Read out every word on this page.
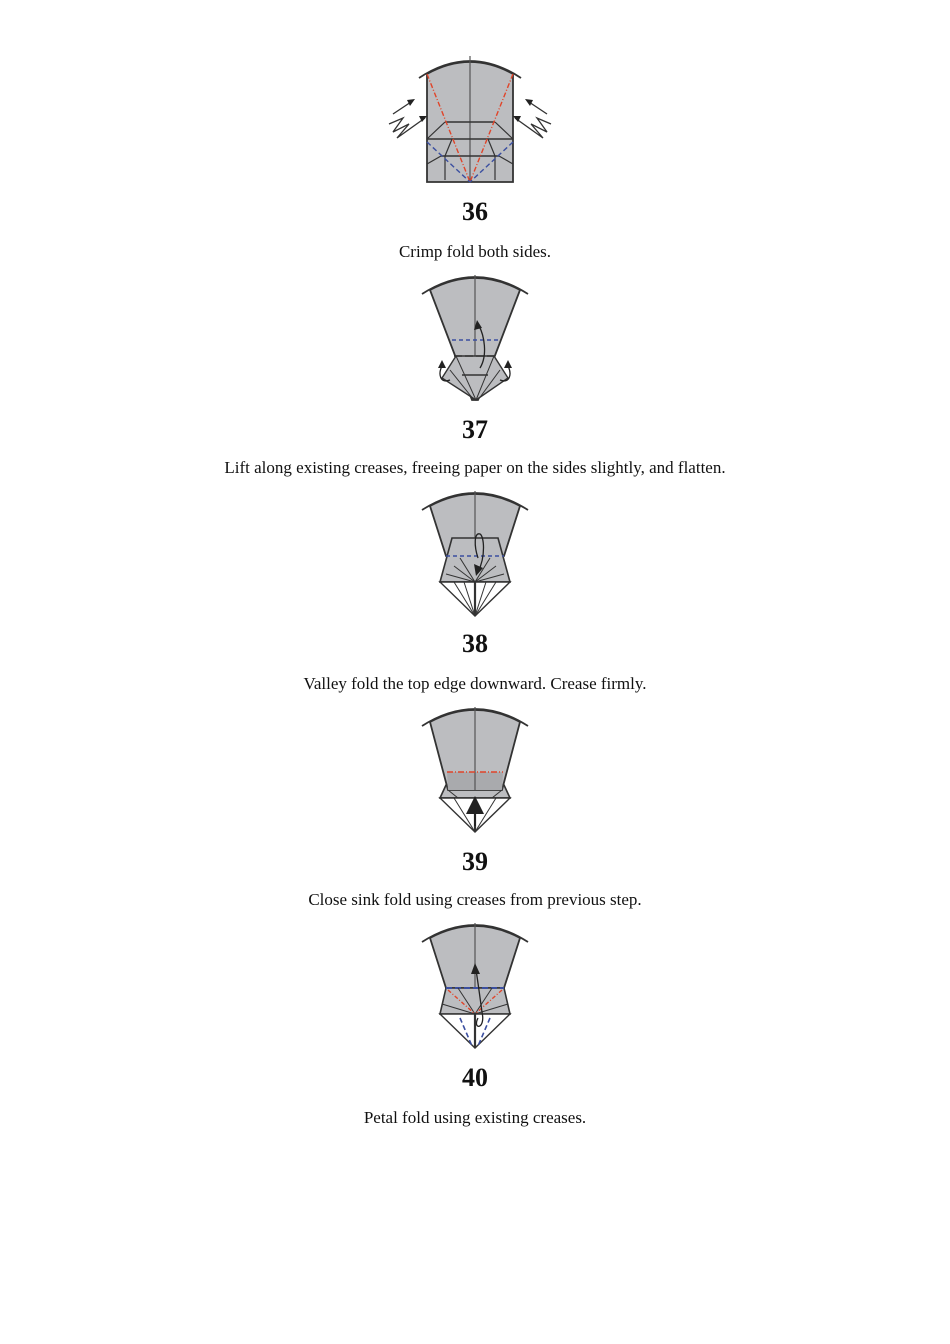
36
Crimp fold both sides.
37
Lift along existing creases, freeing paper on the sides slightly, and flatten.
38
Valley fold the top edge downward. Crease firmly.
39
Close sink fold using creases from previous step.
40
Petal fold using existing creases.
